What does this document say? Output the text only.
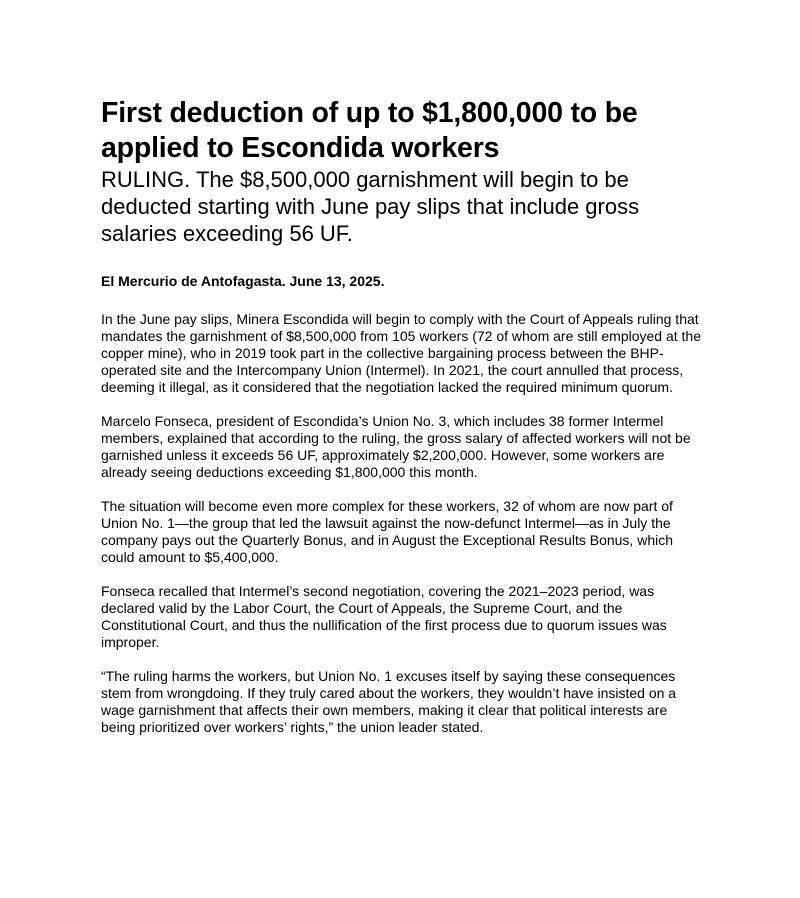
First deduction of up to $1,800,000 to be applied to Escondida workers

RULING. The $8,500,000 garnishment will begin to be deducted starting with June pay slips that include gross salaries exceeding 56 UF.

El Mercurio de Antofagasta. June 13, 2025.

In the June pay slips, Minera Escondida will begin to comply with the Court of Appeals ruling that mandates the garnishment of $8,500,000 from 105 workers (72 of whom are still employed at the copper mine), who in 2019 took part in the collective bargaining process between the BHP-operated site and the Intercompany Union (Intermel). In 2021, the court annulled that process, deeming it illegal, as it considered that the negotiation lacked the required minimum quorum.

Marcelo Fonseca, president of Escondida’s Union No. 3, which includes 38 former Intermel members, explained that according to the ruling, the gross salary of affected workers will not be garnished unless it exceeds 56 UF, approximately $2,200,000. However, some workers are already seeing deductions exceeding $1,800,000 this month.

The situation will become even more complex for these workers, 32 of whom are now part of Union No. 1—the group that led the lawsuit against the now-defunct Intermel—as in July the company pays out the Quarterly Bonus, and in August the Exceptional Results Bonus, which could amount to $5,400,000.

Fonseca recalled that Intermel’s second negotiation, covering the 2021–2023 period, was declared valid by the Labor Court, the Court of Appeals, the Supreme Court, and the Constitutional Court, and thus the nullification of the first process due to quorum issues was improper.

“The ruling harms the workers, but Union No. 1 excuses itself by saying these consequences stem from wrongdoing. If they truly cared about the workers, they wouldn’t have insisted on a wage garnishment that affects their own members, making it clear that political interests are being prioritized over workers’ rights,” the union leader stated.
